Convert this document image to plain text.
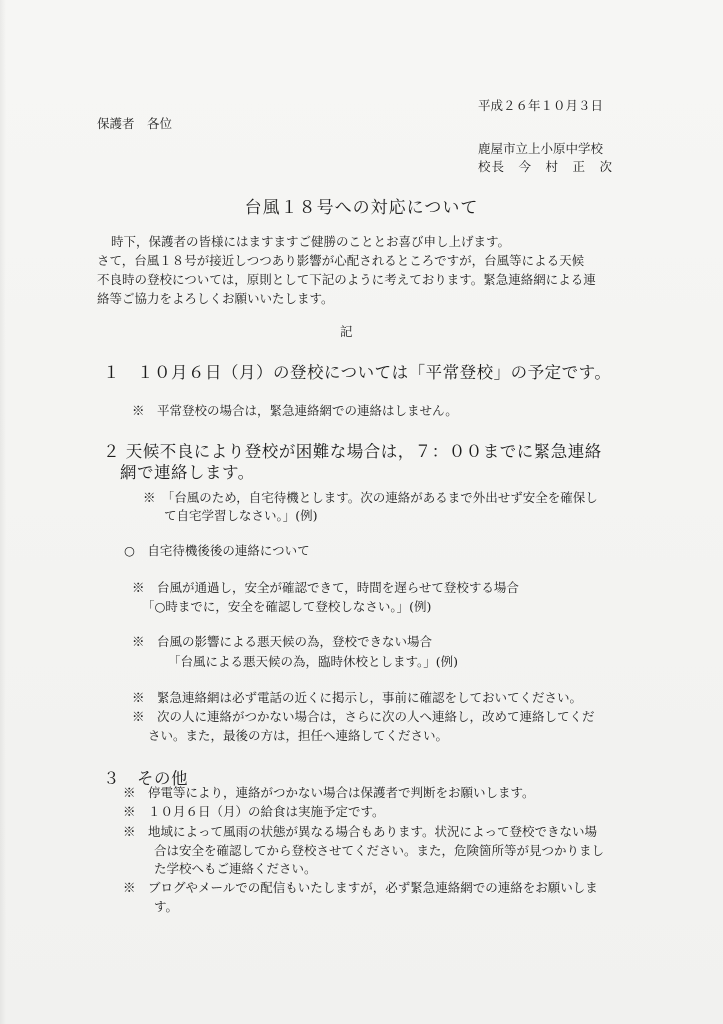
平成２６年１０月３日
保護者　各位
鹿屋市立上小原中学校
校長　今　村　正　次
台風１８号への対応について
時下，保護者の皆様にはますますご健勝のこととお喜び申し上げます。
さて，台風１８号が接近しつつあり影響が心配されるところですが，台風等による天候
不良時の登校については，原則として下記のように考えております。緊急連絡網による連
絡等ご協力をよろしくお願いいたします。
記
１　１０月６日（月）の登校については「平常登校」の予定です。
※　平常登校の場合は，緊急連絡網での連絡はしません。
２ 天候不良により登校が困難な場合は，７：００までに緊急連絡
網で連絡します。
※　「台風のため，自宅待機とします。次の連絡があるまで外出せず安全を確保し
て自宅学習しなさい。」(例)
○　自宅待機後後の連絡について
※　台風が通過し，安全が確認できて，時間を遅らせて登校する場合
「○時までに，安全を確認して登校しなさい。」(例)
※　台風の影響による悪天候の為，登校できない場合
「台風による悪天候の為，臨時休校とします。」(例)
※　緊急連絡網は必ず電話の近くに掲示し，事前に確認をしておいてください。
※　次の人に連絡がつかない場合は，さらに次の人へ連絡し，改めて連絡してくだ
さい。また，最後の方は，担任へ連絡してください。
３　その他
※　停電等により，連絡がつかない場合は保護者で判断をお願いします。
※　１０月６日（月）の給食は実施予定です。
※　地域によって風雨の状態が異なる場合もあります。状況によって登校できない場
合は安全を確認してから登校させてください。また，危険箇所等が見つかりまし
た学校へもご連絡ください。
※　ブログやメールでの配信もいたしますが，必ず緊急連絡網での連絡をお願いしま
す。
